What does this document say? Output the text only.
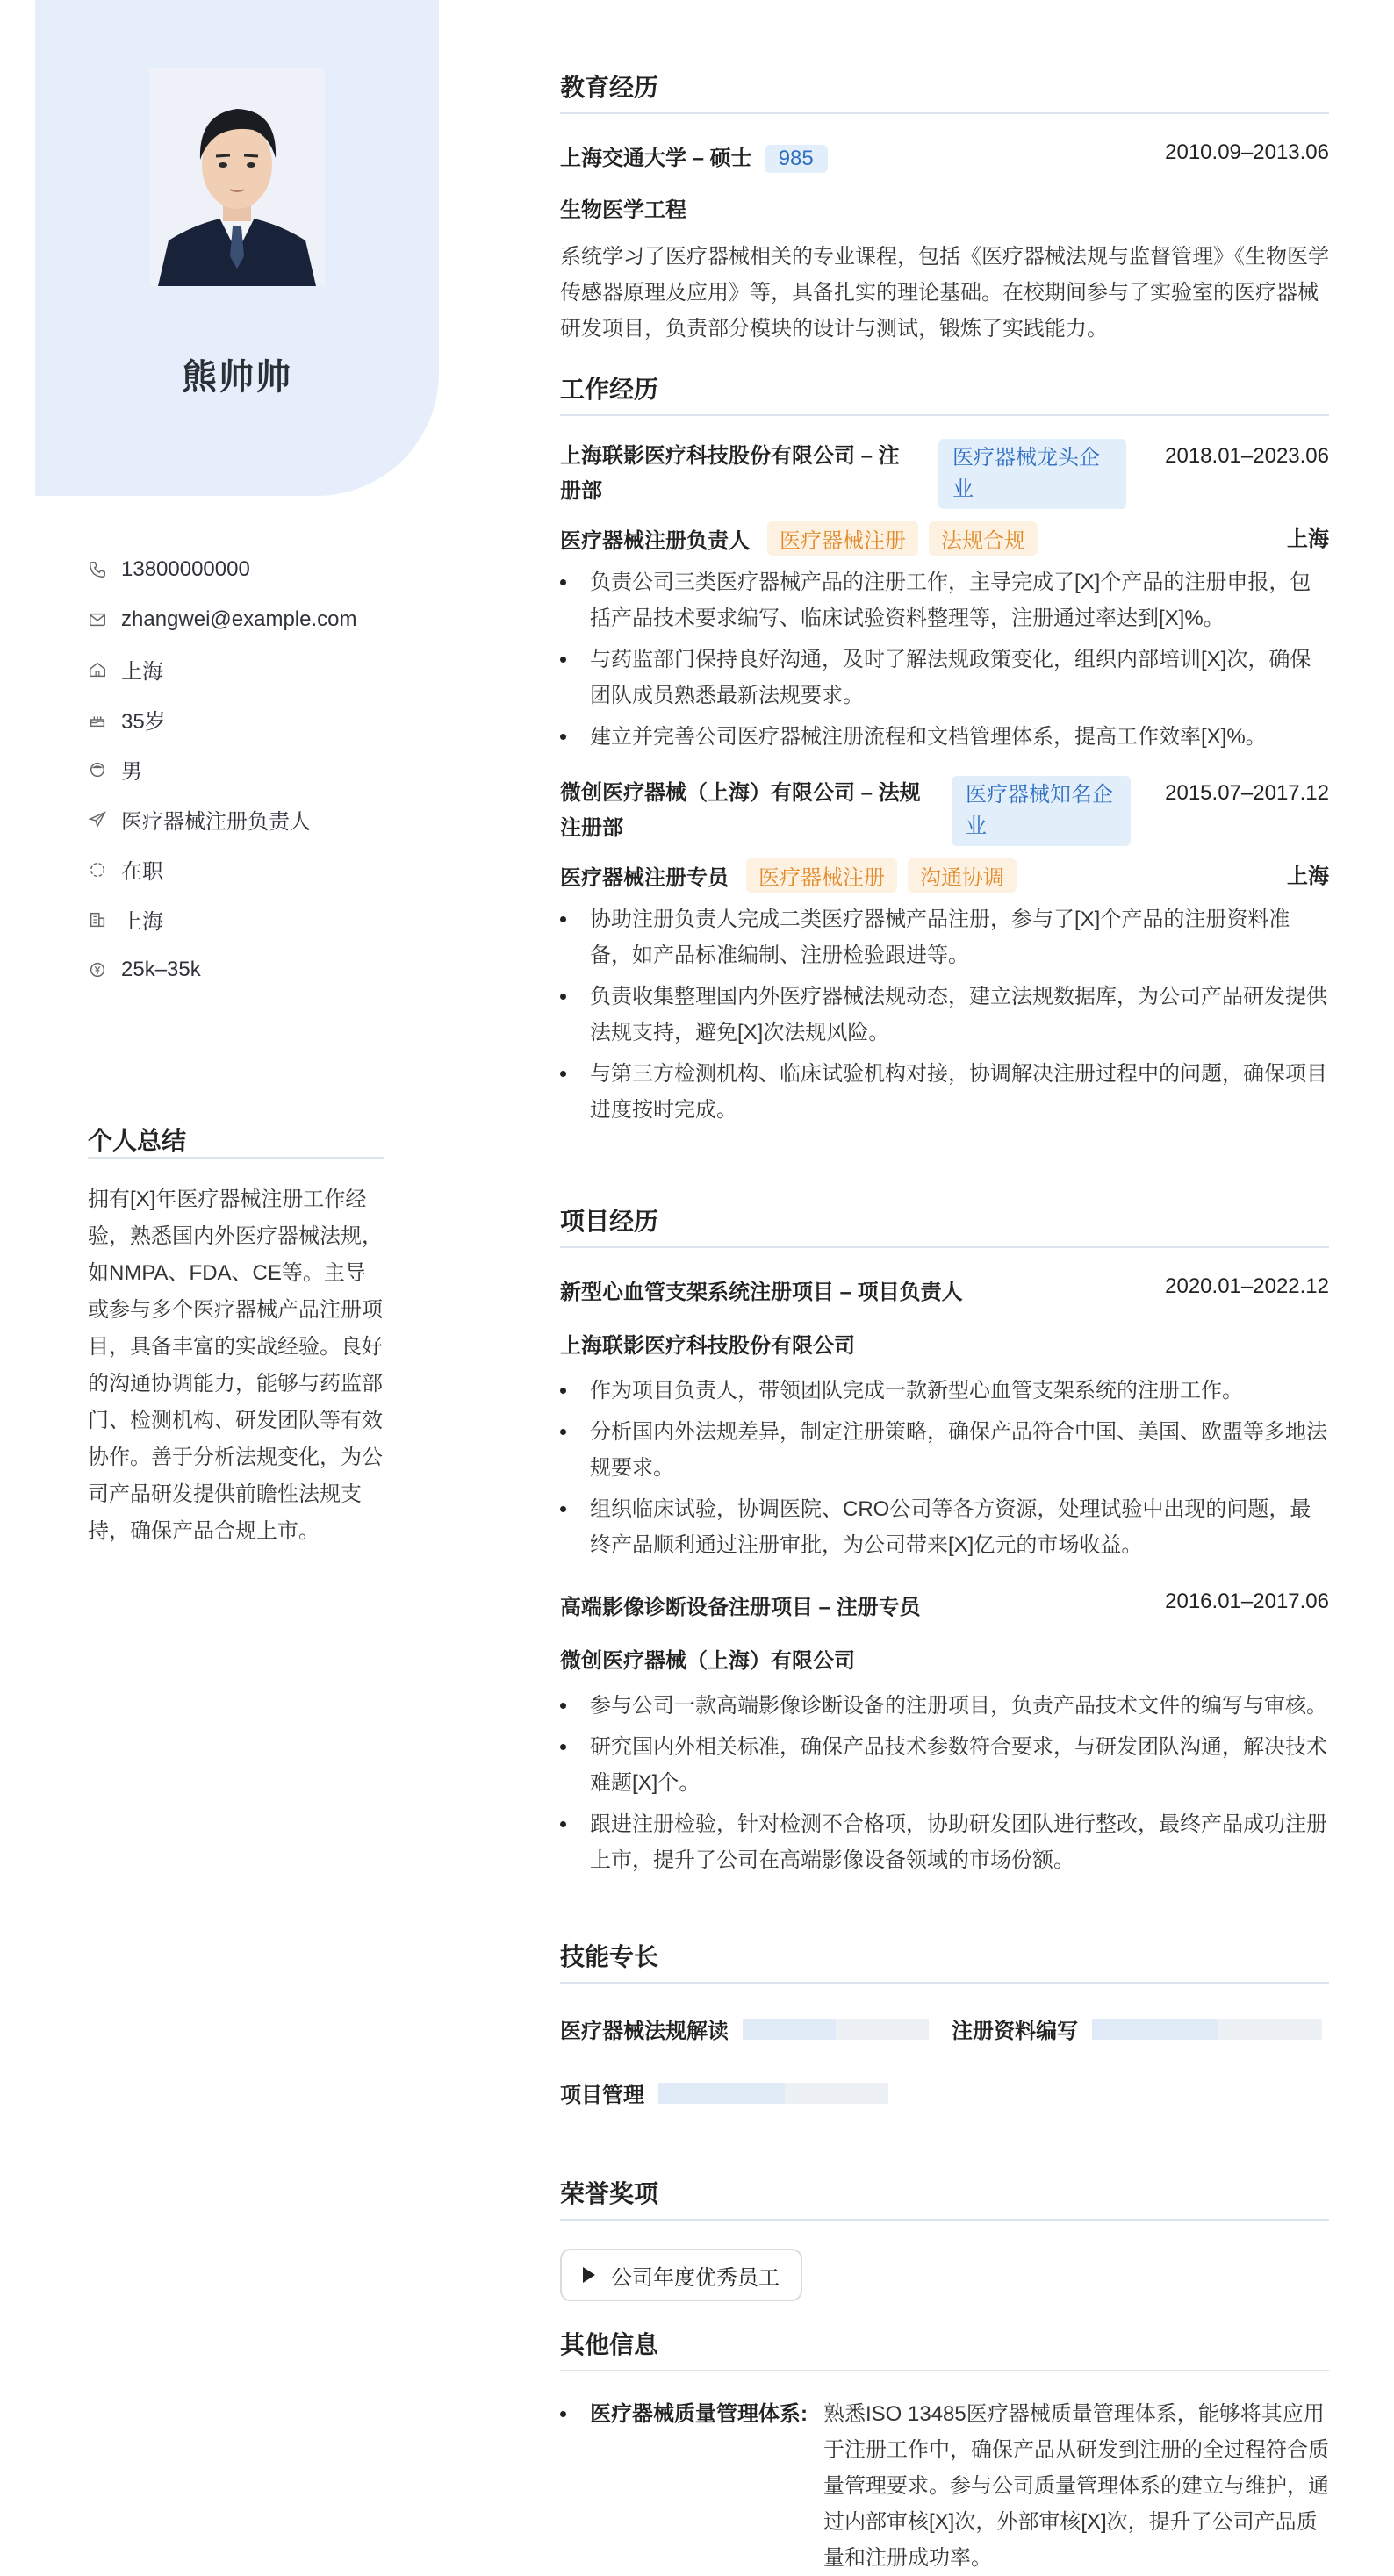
熊帅帅
13800000000
zhangwei@example.com
上海
35岁
男
医疗器械注册负责人
在职
上海
25k–35k
个人总结
拥有[X]年医疗器械注册工作经验，熟悉国内外医疗器械法规，如NMPA、FDA、CE等。主导或参与多个医疗器械产品注册项目，具备丰富的实战经验。良好的沟通协调能力，能够与药监部门、检测机构、研发团队等有效协作。善于分析法规变化，为公司产品研发提供前瞻性法规支持，确保产品合规上市。
教育经历
上海交通大学 – 硕士 985	2010.09–2013.06
生物医学工程
系统学习了医疗器械相关的专业课程，包括《医疗器械法规与监督管理》《生物医学传感器原理及应用》等，具备扎实的理论基础。在校期间参与了实验室的医疗器械研发项目，负责部分模块的设计与测试，锻炼了实践能力。
工作经历
上海联影医疗科技股份有限公司 – 注册部
医疗器械龙头企业
2018.01–2023.06
医疗器械注册负责人 医疗器械注册 法规合规	上海
负责公司三类医疗器械产品的注册工作，主导完成了[X]个产品的注册申报，包括产品技术要求编写、临床试验资料整理等，注册通过率达到[X]%。
与药监部门保持良好沟通，及时了解法规政策变化，组织内部培训[X]次，确保团队成员熟悉最新法规要求。
建立并完善公司医疗器械注册流程和文档管理体系，提高工作效率[X]%。
微创医疗器械（上海）有限公司 – 法规注册部
医疗器械知名企业
2015.07–2017.12
医疗器械注册专员 医疗器械注册 沟通协调	上海
协助注册负责人完成二类医疗器械产品注册，参与了[X]个产品的注册资料准备，如产品标准编制、注册检验跟进等。
负责收集整理国内外医疗器械法规动态，建立法规数据库，为公司产品研发提供法规支持，避免[X]次法规风险。
与第三方检测机构、临床试验机构对接，协调解决注册过程中的问题，确保项目进度按时完成。
项目经历
新型心血管支架系统注册项目 – 项目负责人	2020.01–2022.12
上海联影医疗科技股份有限公司
作为项目负责人，带领团队完成一款新型心血管支架系统的注册工作。
分析国内外法规差异，制定注册策略，确保产品符合中国、美国、欧盟等多地法规要求。
组织临床试验，协调医院、CRO公司等各方资源，处理试验中出现的问题，最终产品顺利通过注册审批，为公司带来[X]亿元的市场收益。
高端影像诊断设备注册项目 – 注册专员	2016.01–2017.06
微创医疗器械（上海）有限公司
参与公司一款高端影像诊断设备的注册项目，负责产品技术文件的编写与审核。
研究国内外相关标准，确保产品技术参数符合要求，与研发团队沟通，解决技术难题[X]个。
跟进注册检验，针对检测不合格项，协助研发团队进行整改，最终产品成功注册上市，提升了公司在高端影像设备领域的市场份额。
技能专长
医疗器械法规解读	注册资料编写
项目管理
荣誉奖项
公司年度优秀员工
其他信息
医疗器械质量管理体系: 熟悉ISO 13485医疗器械质量管理体系，能够将其应用于注册工作中，确保产品从研发到注册的全过程符合质量管理要求。参与公司质量管理体系的建立与维护，通过内部审核[X]次，外部审核[X]次，提升了公司产品质量和注册成功率。
